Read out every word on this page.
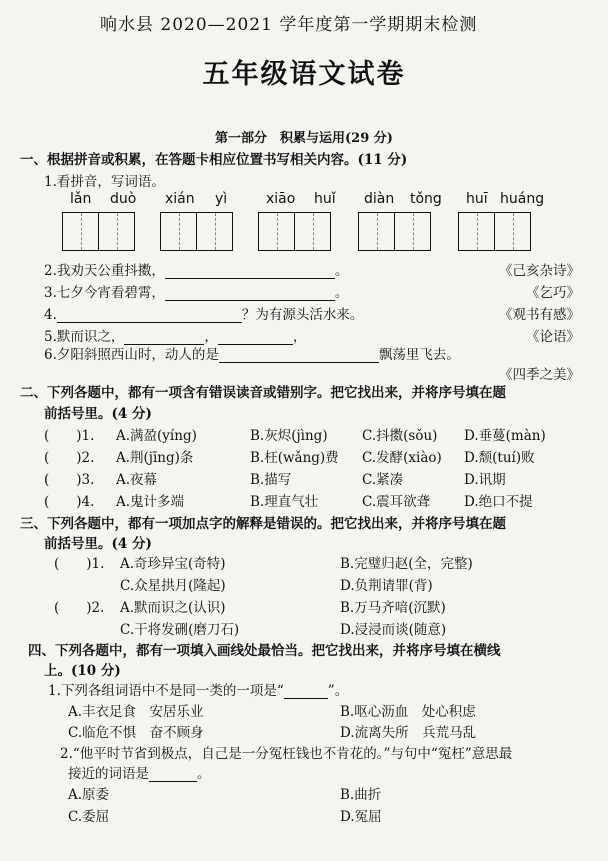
响水县 2020—2021 学年度第一学期期末检测
五年级语文试卷
第一部分　积累与运用(29 分)
一、根据拼音或积累，在答题卡相应位置书写相关内容。(11 分)
1.看拼音，写词语。
lǎn duò xián yì	xiāo huǐ diàn tǒng huī huáng
2.我劝天公重抖擞，	。	《己亥杂诗》
3.七夕今宵看碧霄，	。	《乞巧》
4.	？为有源头活水来。	《观书有感》
5.默而识之，	，	，	《论语》
6.夕阳斜照西山时，动人的是	飘荡里飞去。
《四季之美》
二、下列各题中，都有一项含有错误读音或错别字。把它找出来，并将序号填在题
前括号里。(4 分)
(　　)1. A.满盈(yíng)	B.灰烬(jìng)	C.抖擞(sǒu) D.垂蔓(màn)
(　　)2. A.荆(jīng)条	B.枉(wǎng)费 C.发酵(xiào) D.颓(tuí)败
(　　)3. A.夜幕	B.描写	C.紧凑	D.讯期
(　　)4. A.鬼计多端	B.理直气壮	C.震耳欲聋	D.绝口不提
三、下列各题中，都有一项加点字的解释是错误的。把它找出来，并将序号填在题
前括号里。(4 分)
(　　)1. A.奇珍异宝(奇特)	B.完璧归赵(全，完整)
C.众星拱月(隆起)	D.负荆请罪(背)
(　　)2. A.默而识之(认识)	B.万马齐喑(沉默)
C.干将发硎(磨刀石)	D.浸浸而谈(随意)
四、下列各题中，都有一项填入画线处最恰当。把它找出来，并将序号填在横线
上。(10 分)
1.下列各组词语中不是同一类的一项是“	”。
A.丰衣足食　安居乐业	B.呕心沥血　处心积虑
C.临危不惧　奋不顾身	D.流离失所　兵荒马乱
2.“他平时节省到极点，自己是一分冤枉钱也不肯花的。”与句中“冤枉”意思最
接近的词语是	。
A.原委	B.曲折
C.委屈	D.冤屈
